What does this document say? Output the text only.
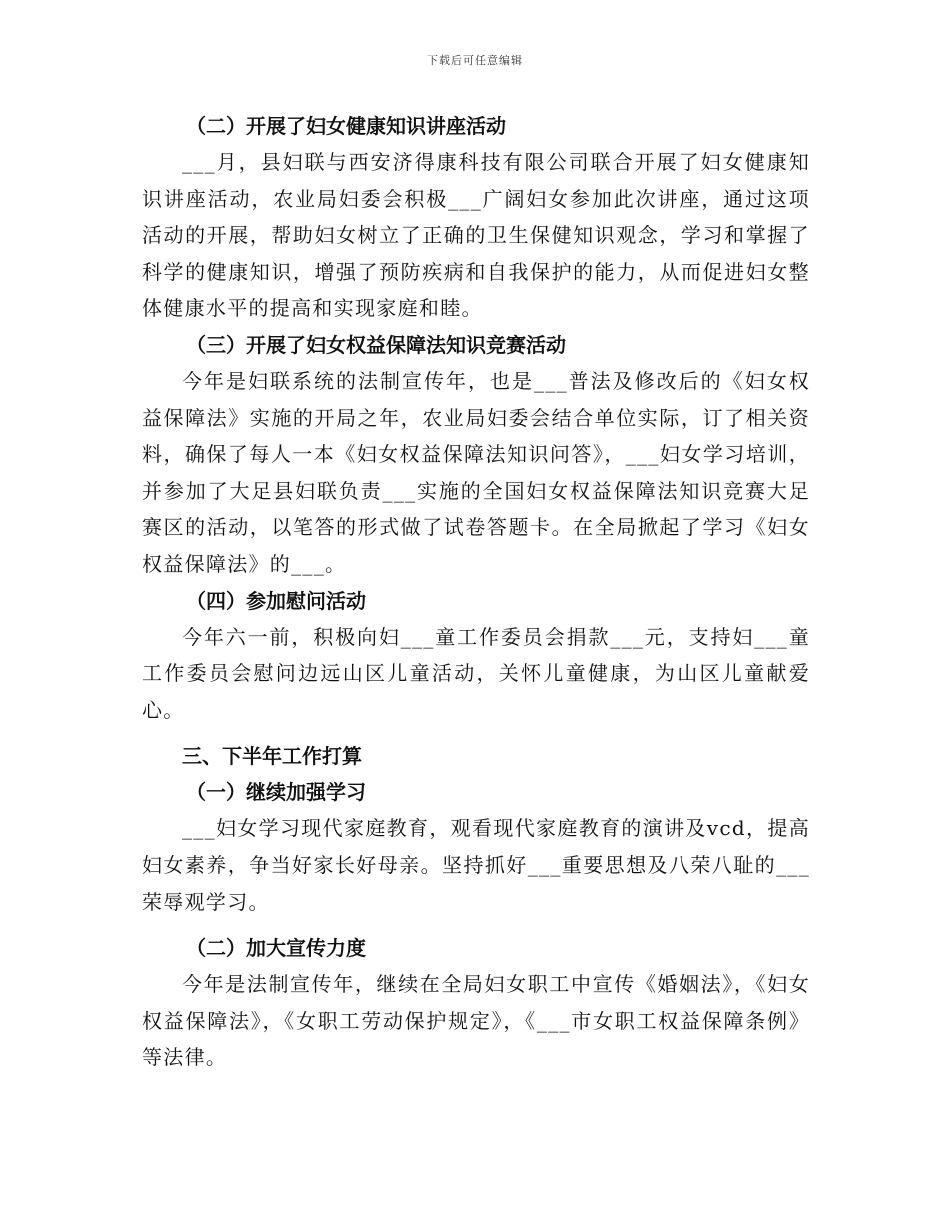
下载后可任意编辑
（二）开展了妇女健康知识讲座活动

___月，县妇联与西安济得康科技有限公司联合开展了妇女健康知识讲座活动，农业局妇委会积极___广阔妇女参加此次讲座，通过这项活动的开展，帮助妇女树立了正确的卫生保健知识观念，学习和掌握了科学的健康知识，增强了预防疾病和自我保护的能力，从而促进妇女整体健康水平的提高和实现家庭和睦。

（三）开展了妇女权益保障法知识竞赛活动

今年是妇联系统的法制宣传年，也是___普法及修改后的《妇女权益保障法》实施的开局之年，农业局妇委会结合单位实际，订了相关资料，确保了每人一本《妇女权益保障法知识问答》，___妇女学习培训，并参加了大足县妇联负责___实施的全国妇女权益保障法知识竞赛大足赛区的活动，以笔答的形式做了试卷答题卡。在全局掀起了学习《妇女权益保障法》的___。

（四）参加慰问活动

今年六一前，积极向妇___童工作委员会捐款___元，支持妇___童工作委员会慰问边远山区儿童活动，关怀儿童健康，为山区儿童献爱心。

三、下半年工作打算
（一）继续加强学习

___妇女学习现代家庭教育，观看现代家庭教育的演讲及vcd，提高妇女素养，争当好家长好母亲。坚持抓好___重要思想及八荣八耻的___荣辱观学习。

（二）加大宣传力度

今年是法制宣传年，继续在全局妇女职工中宣传《婚姻法》，《妇女权益保障法》，《女职工劳动保护规定》，《___市女职工权益保障条例》等法律。
